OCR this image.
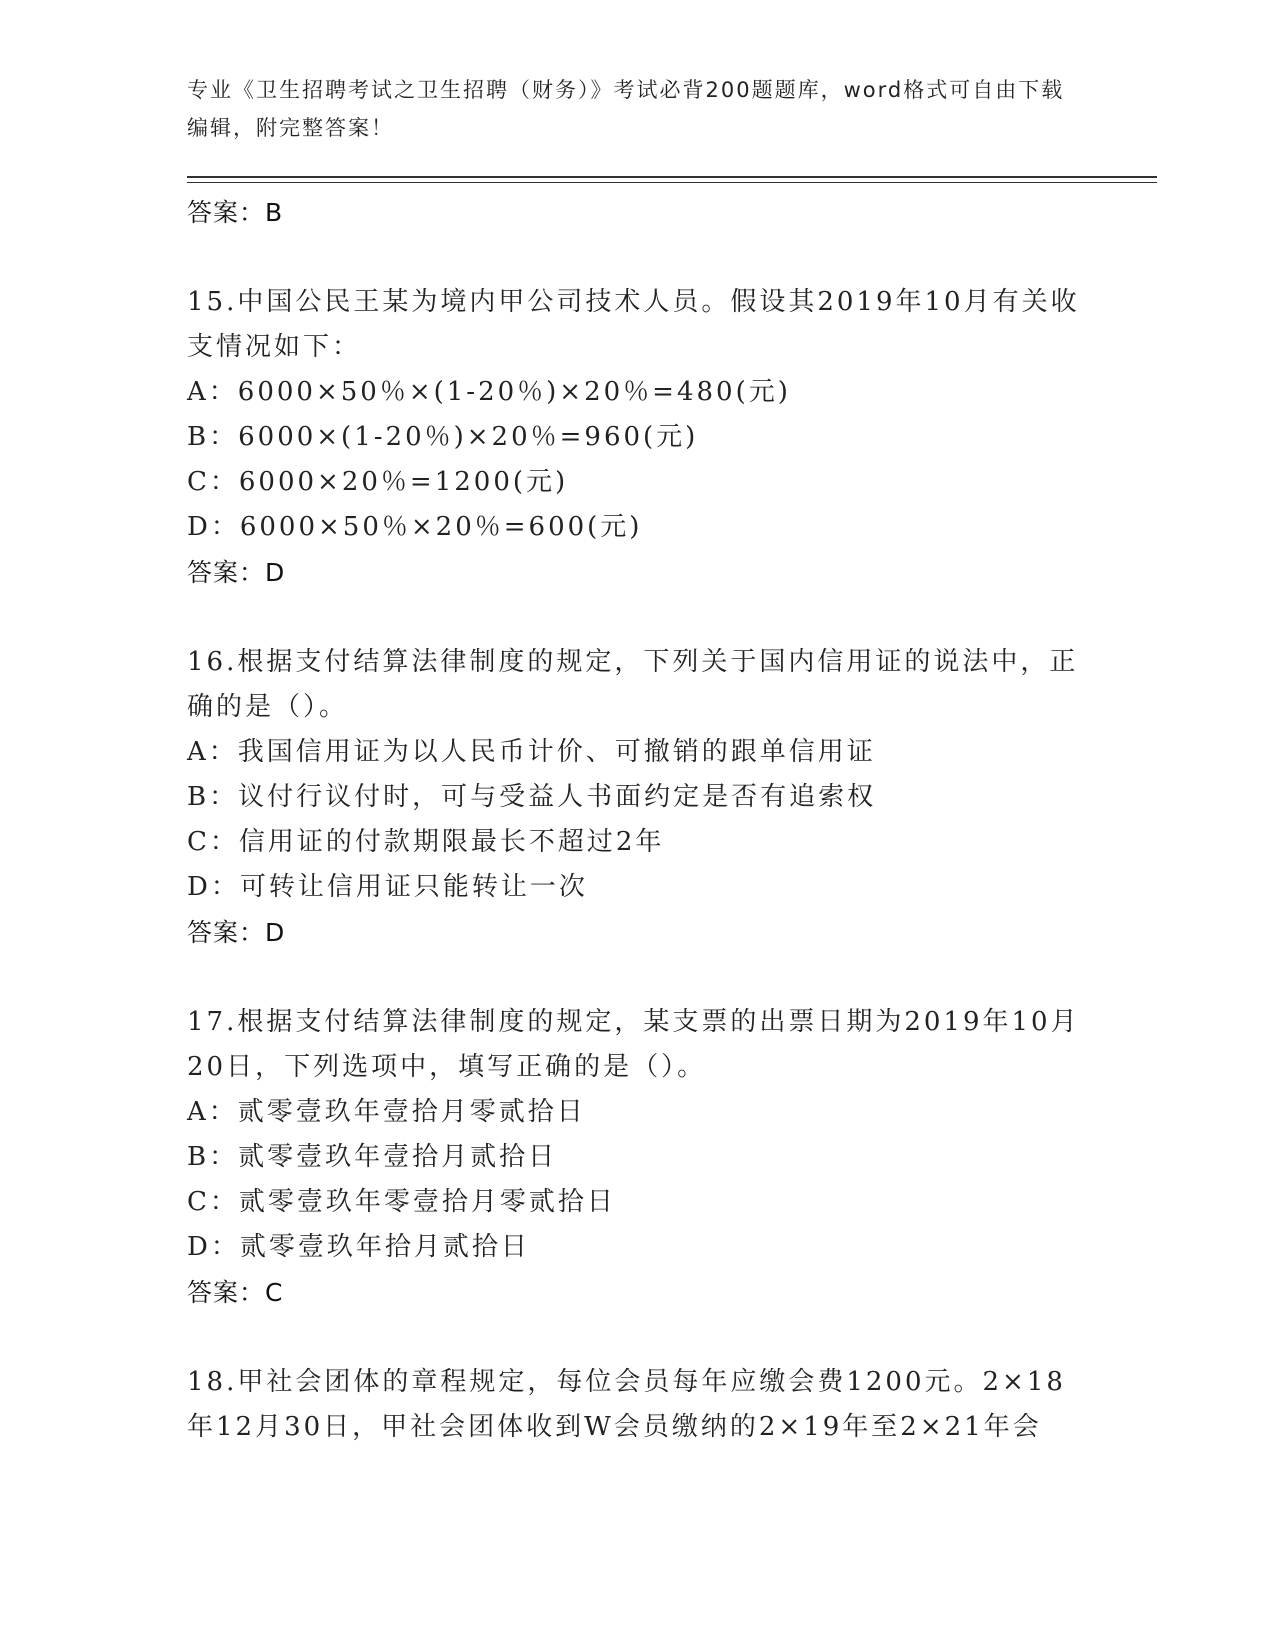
专业《卫生招聘考试之卫生招聘（财务）》考试必背200题题库，word格式可自由下载编辑，附完整答案！
答案：B
15.中国公民王某为境内甲公司技术人员。假设其2019年10月有关收支情况如下：
A：6000×50％×(1-20％)×20％=480(元)
B：6000×(1-20％)×20％=960(元)
C：6000×20％=1200(元)
D：6000×50％×20％=600(元)
答案：D
16.根据支付结算法律制度的规定，下列关于国内信用证的说法中，正确的是（）。
A：我国信用证为以人民币计价、可撤销的跟单信用证
B：议付行议付时，可与受益人书面约定是否有追索权
C：信用证的付款期限最长不超过2年
D：可转让信用证只能转让一次
答案：D
17.根据支付结算法律制度的规定，某支票的出票日期为2019年10月20日，下列选项中，填写正确的是（）。
A：贰零壹玖年壹拾月零贰拾日
B：贰零壹玖年壹拾月贰拾日
C：贰零壹玖年零壹拾月零贰拾日
D：贰零壹玖年拾月贰拾日
答案：C
18.甲社会团体的章程规定，每位会员每年应缴会费1200元。2×18年12月30日，甲社会团体收到W会员缴纳的2×19年至2×21年会
